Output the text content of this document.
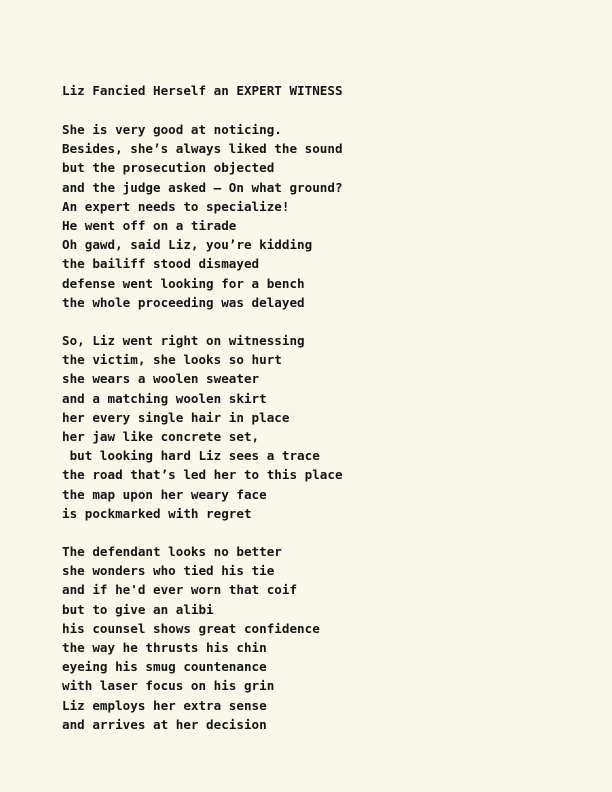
Liz Fancied Herself an EXPERT WITNESS
She is very good at noticing.
Besides, she’s always liked the sound
but the prosecution objected
and the judge asked – On what ground?
An expert needs to specialize!
He went off on a tirade
Oh gawd, said Liz, you’re kidding
the bailiff stood dismayed
defense went looking for a bench
the whole proceeding was delayed
So, Liz went right on witnessing
the victim, she looks so hurt
she wears a woolen sweater
and a matching woolen skirt
her every single hair in place
her jaw like concrete set,
but looking hard Liz sees a trace
the road that’s led her to this place
the map upon her weary face
is pockmarked with regret
The defendant looks no better
she wonders who tied his tie
and if he'd ever worn that coif
but to give an alibi
his counsel shows great confidence
the way he thrusts his chin
eyeing his smug countenance
with laser focus on his grin
Liz employs her extra sense
and arrives at her decision
